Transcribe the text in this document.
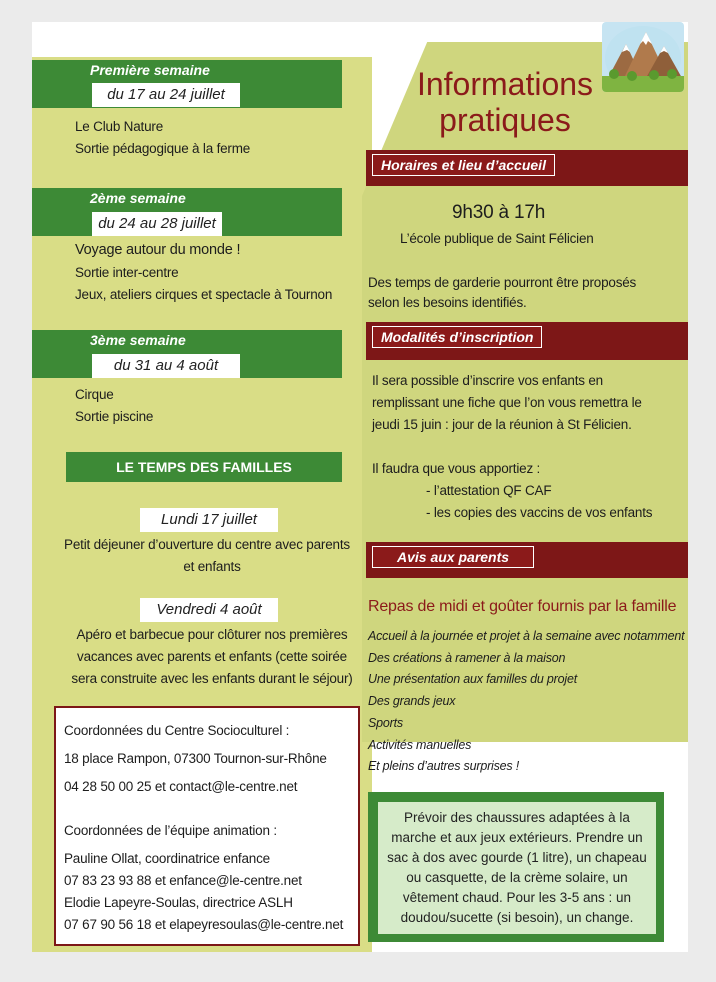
Informations
pratiques
Première semaine
du 17 au 24 juillet
Le Club Nature
Sortie pédagogique à la ferme
2ème semaine
du 24 au 28 juillet
Voyage autour du monde !
Sortie inter-centre
Jeux, ateliers cirques et spectacle à Tournon
3ème semaine
du 31 au 4 août
Cirque
Sortie piscine
LE TEMPS DES FAMILLES
Lundi 17 juillet
Petit déjeuner d’ouverture du centre avec parents
et enfants
Vendredi 4 août
Apéro et barbecue pour clôturer nos premières
vacances avec parents et enfants (cette soirée
sera construite avec les enfants durant le séjour)
Coordonnées du Centre Socioculturel :
18 place Rampon, 07300 Tournon-sur-Rhône
04 28 50 00 25 et contact@le-centre.net
Coordonnées de l’équipe animation :
Pauline Ollat, coordinatrice enfance
07 83 23 93 88 et enfance@le-centre.net
Elodie Lapeyre-Soulas, directrice ASLH
07 67 90 56 18 et elapeyresoulas@le-centre.net
Horaires et lieu d’accueil
9h30 à 17h
L’école publique de Saint Félicien
Des temps de garderie pourront être proposés
selon les besoins identifiés.
Modalités d’inscription
Il sera possible d’inscrire vos enfants en
remplissant une fiche que l’on vous remettra le
jeudi 15 juin : jour de la réunion à St Félicien.
Il faudra que vous apportiez :
- l’attestation QF CAF
- les copies des vaccins de vos enfants
Avis aux parents
Repas de midi et goûter fournis par la famille
Accueil à la journée et projet à la semaine avec notamment
Des créations à ramener à la maison
Une présentation aux familles du projet
Des grands jeux
Sports
Activités manuelles
Et pleins d’autres surprises !
Prévoir des chaussures adaptées à la marche et aux jeux extérieurs. Prendre un sac à dos avec gourde (1 litre), un chapeau ou casquette, de la crème solaire, un vêtement chaud. Pour les 3-5 ans : un doudou/sucette (si besoin), un change.
